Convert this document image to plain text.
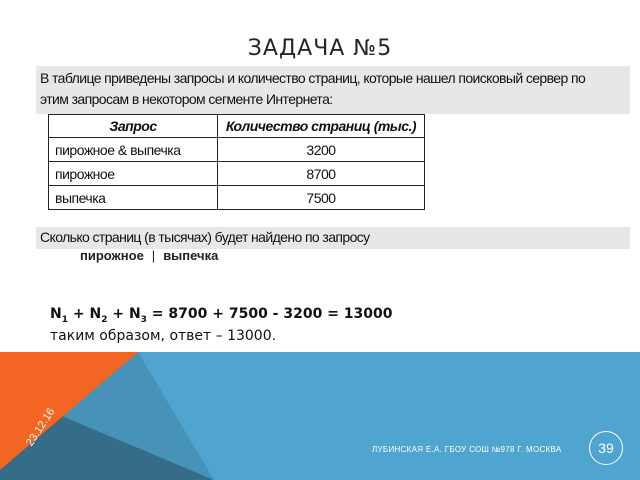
ЗАДАЧА №5
В таблице приведены запросы и количество страниц, которые нашел поисковый сервер по
этим запросам в некотором сегменте Интернета:
Запрос	Количество страниц (тыс.)
пирожное & выпечка	3200
пирожное	8700
выпечка	7500
Сколько страниц (в тысячах) будет найдено по запросу
пирожное | выпечка
$N_1 + N_2 + N_3 = 8700 + 7500 - 3200 = 13000$
таким образом, ответ – 13000.
ЛУБИНСКАЯ Е.А. ГБОУ СОШ №978 Г. МОСКВА	39
23.12.16
